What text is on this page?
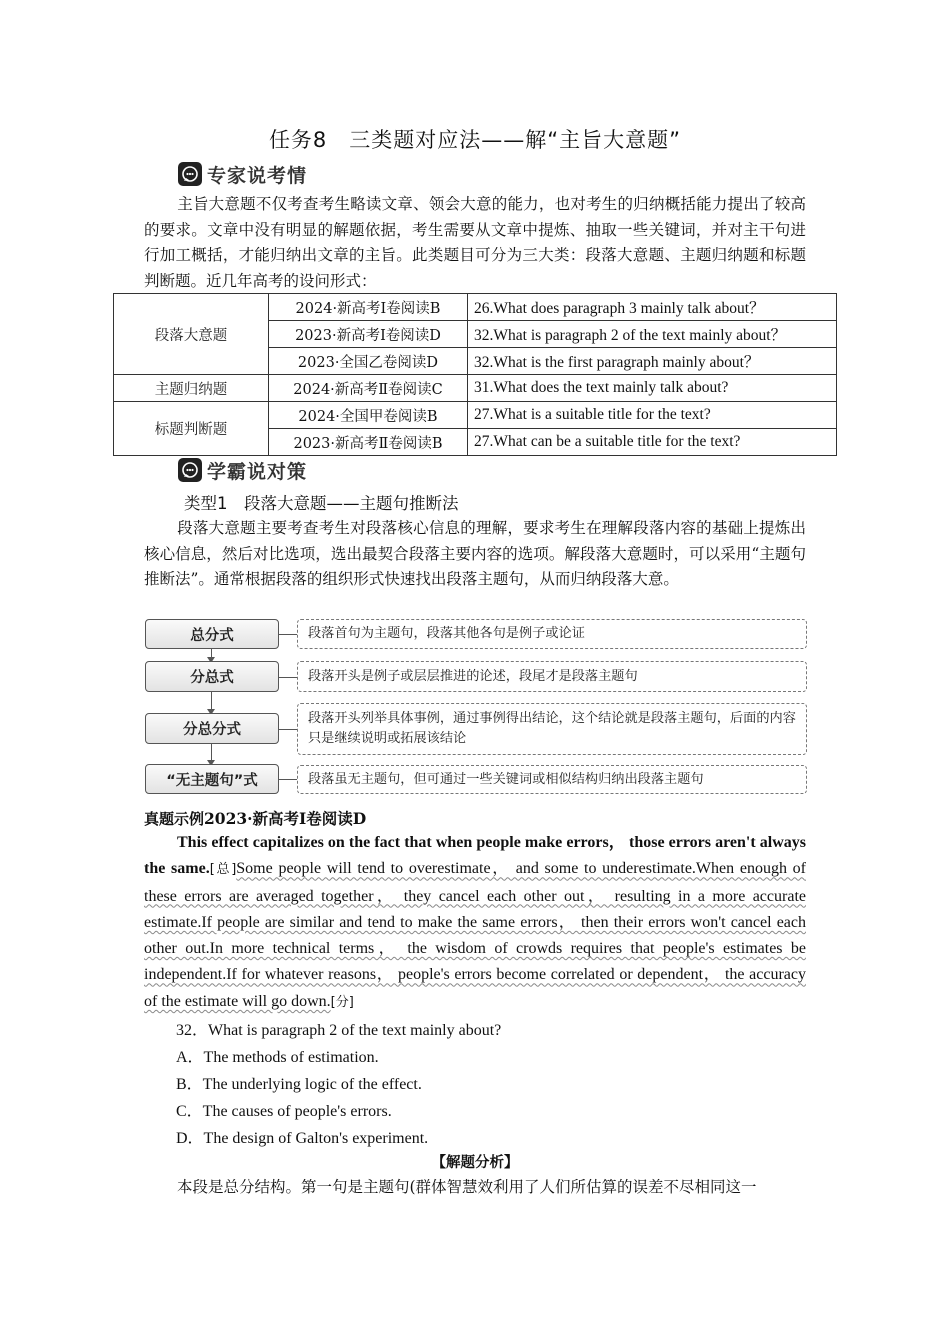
任务8　三类题对应法——解“主旨大意题”
专家说考情

主旨大意题不仅考查考生略读文章、领会大意的能力，也对考生的归纳概括能力提出了较高的要求。文章中没有明显的解题依据，考生需要从文章中提炼、抽取一些关键词，并对主干句进行加工概括，才能归纳出文章的主旨。此类题目可分为三大类：段落大意题、主题归纳题和标题判断题。近几年高考的设问形式：

段落大意题	2024·新高考Ⅰ卷阅读B	26.What does paragraph 3 mainly talk about？
	2023·新高考Ⅰ卷阅读D	32.What is paragraph 2 of the text mainly about？
	2023·全国乙卷阅读D	32.What is the first paragraph mainly about？
主题归纳题	2024·新高考Ⅱ卷阅读C	31.What does the text mainly talk about?
标题判断题	2024·全国甲卷阅读B	27.What is a suitable title for the text?
	2023·新高考Ⅱ卷阅读B	27.What can be a suitable title for the text?
学霸说对策
类型1　段落大意题——主题句推断法

段落大意题主要考查考生对段落核心信息的理解，要求考生在理解段落内容的基础上提炼出核心信息，然后对比选项，选出最契合段落主要内容的选项。解段落大意题时，可以采用“主题句推断法”。通常根据段落的组织形式快速找出段落主题句，从而归纳段落大意。

总分式	段落首句为主题句，段落其他各句是例子或论证
分总式	段落开头是例子或层层推进的论述，段尾才是段落主题句
分总分式
段落开头列举具体事例，通过事例得出结论，这个结论就是段落主题句，后面的内容只是继续说明或拓展该结论
“无主题句”式	段落虽无主题句，但可通过一些关键词或相似结构归纳出段落主题句
真题示例2023·新高考Ⅰ卷阅读D

This effect capitalizes on the fact that when people make errors， those errors aren't always the same.[总]Some people will tend to overestimate， and some to underestimate.When enough of these errors are averaged together， they cancel each other out， resulting in a more accurate estimate.If people are similar and tend to make the same errors， then their errors won't cancel each other out.In more technical terms， the wisdom of crowds requires that people's estimates be independent.If for whatever reasons， people's errors become correlated or dependent， the accuracy of the estimate will go down.[分]

32．What is paragraph 2 of the text mainly about?
A．The methods of estimation.
B．The underlying logic of the effect.
C．The causes of people's errors.
D．The design of Galton's experiment.
【解题分析】

本段是总分结构。第一句是主题句(群体智慧效利用了人们所估算的误差不尽相同这一
